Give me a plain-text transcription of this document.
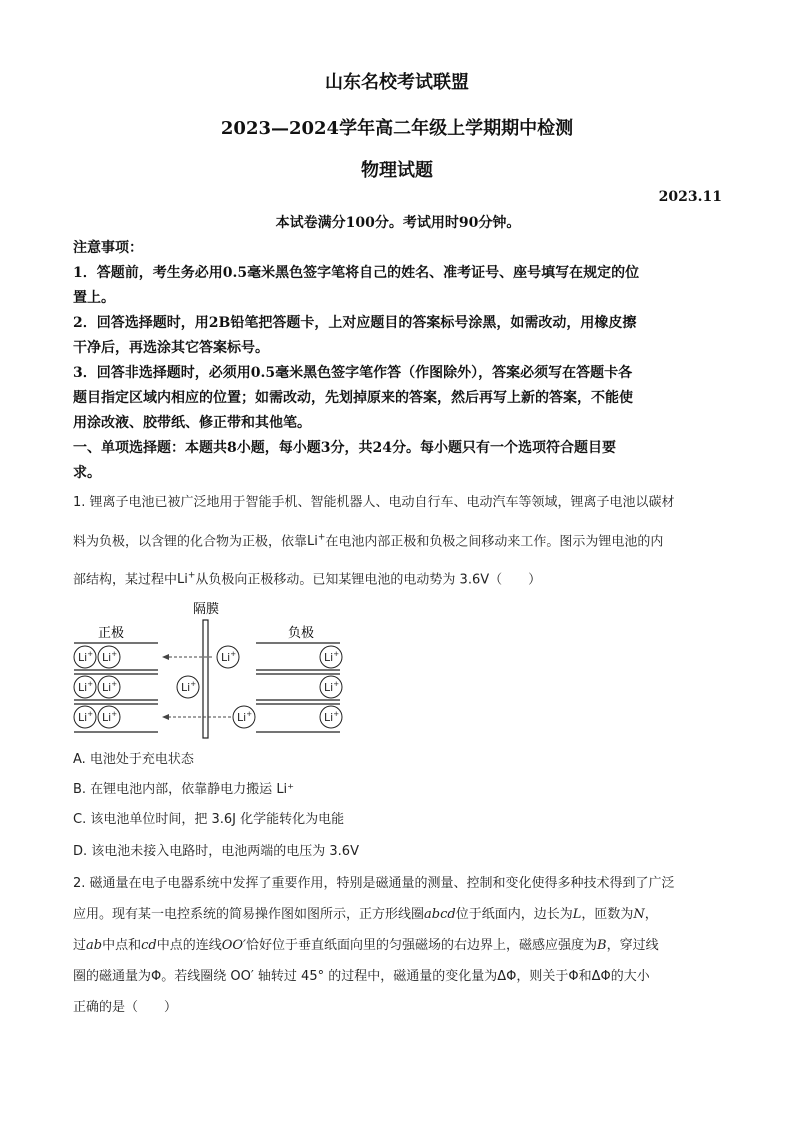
山东名校考试联盟
2023—2024学年高二年级上学期期中检测
物理试题
2023.11
本试卷满分100分。考试用时90分钟。
注意事项：
1．答题前，考生务必用0.5毫米黑色签字笔将自己的姓名、准考证号、座号填写在规定的位
置上。
2．回答选择题时，用2B铅笔把答题卡，上对应题目的答案标号涂黑，如需改动，用橡皮擦
干净后，再选涂其它答案标号。
3．回答非选择题时，必须用0.5毫米黑色签字笔作答（作图除外），答案必须写在答题卡各
题目指定区域内相应的位置；如需改动，先划掉原来的答案，然后再写上新的答案，不能使
用涂改液、胶带纸、修正带和其他笔。
一、单项选择题：本题共8小题，每小题3分，共24分。每小题只有一个选项符合题目要
求。
1. 锂离子电池已被广泛地用于智能手机、智能机器人、电动自行车、电动汽车等领域，锂离子电池以碳材
料为负极，以含锂的化合物为正极，依靠Li+在电池内部正极和负极之间移动来工作。图示为锂电池的内
部结构，某过程中Li+从负极向正极移动。已知某锂电池的电动势为 3.6V（　　）
隔膜
正极	负极
Li+ Li+
Li+ Li+
Li+ Li+
Li+
Li+
Li+
Li+
Li+
Li+
A. 电池处于充电状态
B. 在锂电池内部，依靠静电力搬运 Li⁺
C. 该电池单位时间，把 3.6J 化学能转化为电能
D. 该电池未接入电路时，电池两端的电压为 3.6V
2. 磁通量在电子电器系统中发挥了重要作用，特别是磁通量的测量、控制和变化使得多种技术得到了广泛
应用。现有某一电控系统的简易操作图如图所示，正方形线圈abcd位于纸面内，边长为L，匝数为N，
过ab中点和cd中点的连线OO′恰好位于垂直纸面向里的匀强磁场的右边界上，磁感应强度为B，穿过线
圈的磁通量为Φ。若线圈绕 OO′ 轴转过 45° 的过程中，磁通量的变化量为ΔΦ，则关于Φ和ΔΦ的大小
正确的是（　　）
